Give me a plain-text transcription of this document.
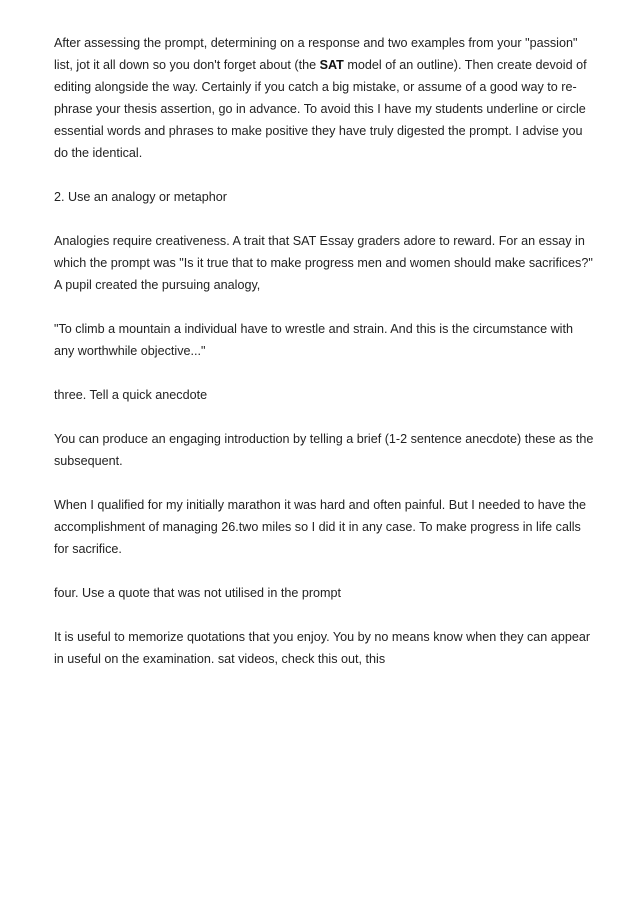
After assessing the prompt, determining on a response and two examples from your "passion" list, jot it all down so you don't forget about (the SAT model of an outline). Then create devoid of editing alongside the way. Certainly if you catch a big mistake, or assume of a good way to re-phrase your thesis assertion, go in advance. To avoid this I have my students underline or circle essential words and phrases to make positive they have truly digested the prompt. I advise you do the identical.

2. Use an analogy or metaphor

Analogies require creativeness. A trait that SAT Essay graders adore to reward. For an essay in which the prompt was "Is it true that to make progress men and women should make sacrifices?" A pupil created the pursuing analogy,

"To climb a mountain a individual have to wrestle and strain. And this is the circumstance with any worthwhile objective..."

three. Tell a quick anecdote

You can produce an engaging introduction by telling a brief (1-2 sentence anecdote) these as the subsequent.

When I qualified for my initially marathon it was hard and often painful. But I needed to have the accomplishment of managing 26.two miles so I did it in any case. To make progress in life calls for sacrifice.

four. Use a quote that was not utilised in the prompt

It is useful to memorize quotations that you enjoy. You by no means know when they can appear in useful on the examination. sat videos, check this out, this
